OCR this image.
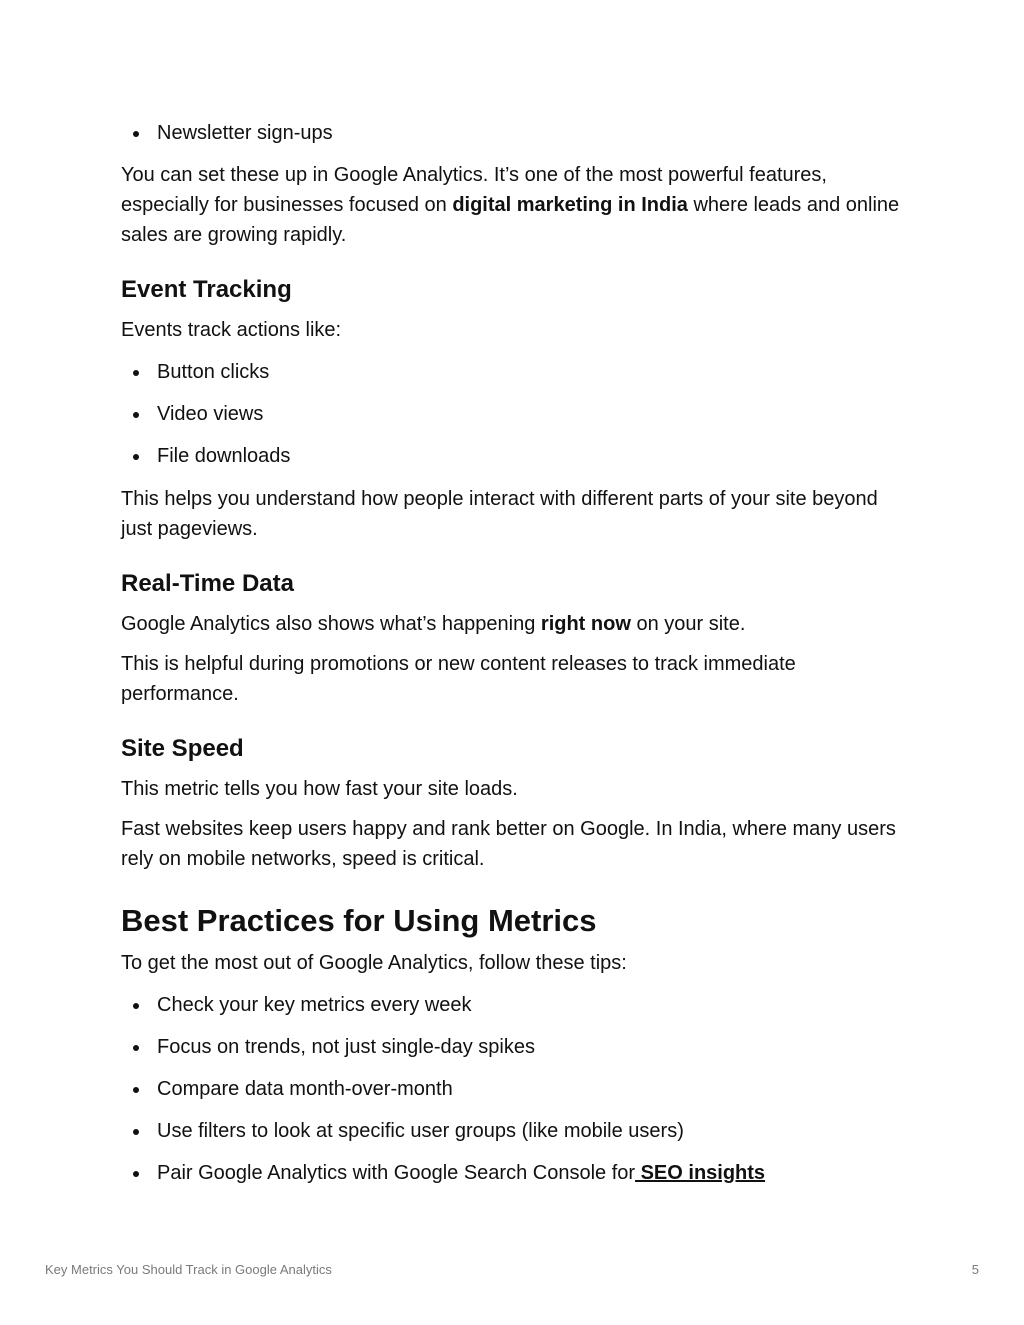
Newsletter sign-ups

You can set these up in Google Analytics. It’s one of the most powerful features, especially for businesses focused on digital marketing in India where leads and online sales are growing rapidly.

Event Tracking

Events track actions like:

Button clicks
Video views
File downloads

This helps you understand how people interact with different parts of your site beyond just pageviews.

Real-Time Data

Google Analytics also shows what’s happening right now on your site.

This is helpful during promotions or new content releases to track immediate performance.

Site Speed

This metric tells you how fast your site loads.

Fast websites keep users happy and rank better on Google. In India, where many users rely on mobile networks, speed is critical.

Best Practices for Using Metrics

To get the most out of Google Analytics, follow these tips:

Check your key metrics every week
Focus on trends, not just single-day spikes
Compare data month-over-month
Use filters to look at specific user groups (like mobile users)
Pair Google Analytics with Google Search Console for SEO insights
Key Metrics You Should Track in Google Analytics	5
